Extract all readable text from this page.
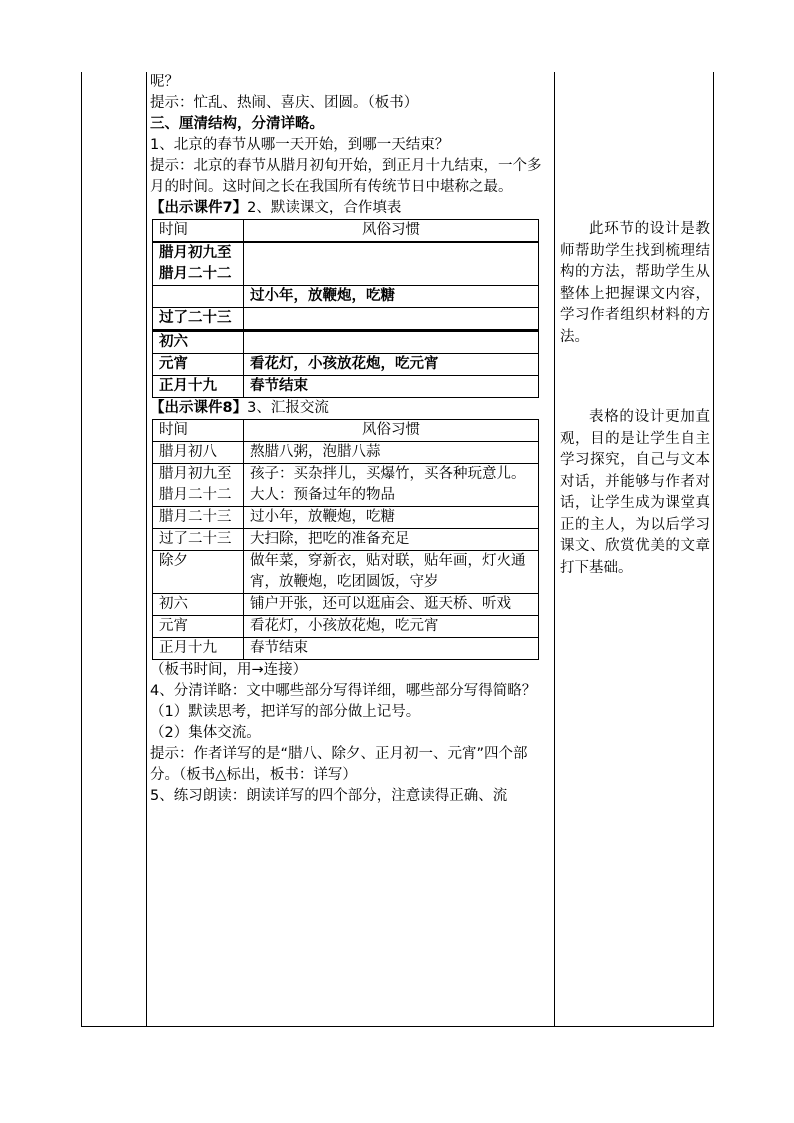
呢？
提示：忙乱、热闹、喜庆、团圆。（板书）
三、厘清结构，分清详略。
1、北京的春节从哪一天开始，到哪一天结束？
提示：北京的春节从腊月初旬开始，到正月十九结束，一个多月的时间。这时间之长在我国所有传统节日中堪称之最。
【出示课件7】2、默读课文，合作填表
时间	风俗习惯

腊月初九至腊月二十二	
	过小年，放鞭炮，吃糖
过了二十三	

初六	
元宵	看花灯，小孩放花炮，吃元宵
正月十九	春节结束
【出示课件8】3、汇报交流
时间	风俗习惯
腊月初八	熬腊八粥，泡腊八蒜
腊月初九至腊月二十二	孩子：买杂拌儿，买爆竹，买各种玩意儿。
大人：预备过年的物品

腊月二十三	过小年，放鞭炮，吃糖
过了二十三	大扫除，把吃的准备充足
除夕	做年菜，穿新衣，贴对联，贴年画，灯火通宵，放鞭炮，吃团圆饭，守岁
初六	铺户开张，还可以逛庙会、逛天桥、听戏
元宵	看花灯，小孩放花炮，吃元宵
正月十九	春节结束
（板书时间，用→连接）
4、分清详略：文中哪些部分写得详细，哪些部分写得简略？
（1）默读思考，把详写的部分做上记号。
（2）集体交流。
提示：作者详写的是“腊八、除夕、正月初一、元宵”四个部分。（板书△标出，板书：详写）
5、练习朗读：朗读详写的四个部分，注意读得正确、流
此环节的设计是教师帮助学生找到梳理结构的方法，帮助学生从整体上把握课文内容，学习作者组织材料的方法。
表格的设计更加直观，目的是让学生自主学习探究，自己与文本对话，并能够与作者对话，让学生成为课堂真正的主人，为以后学习课文、欣赏优美的文章打下基础。
